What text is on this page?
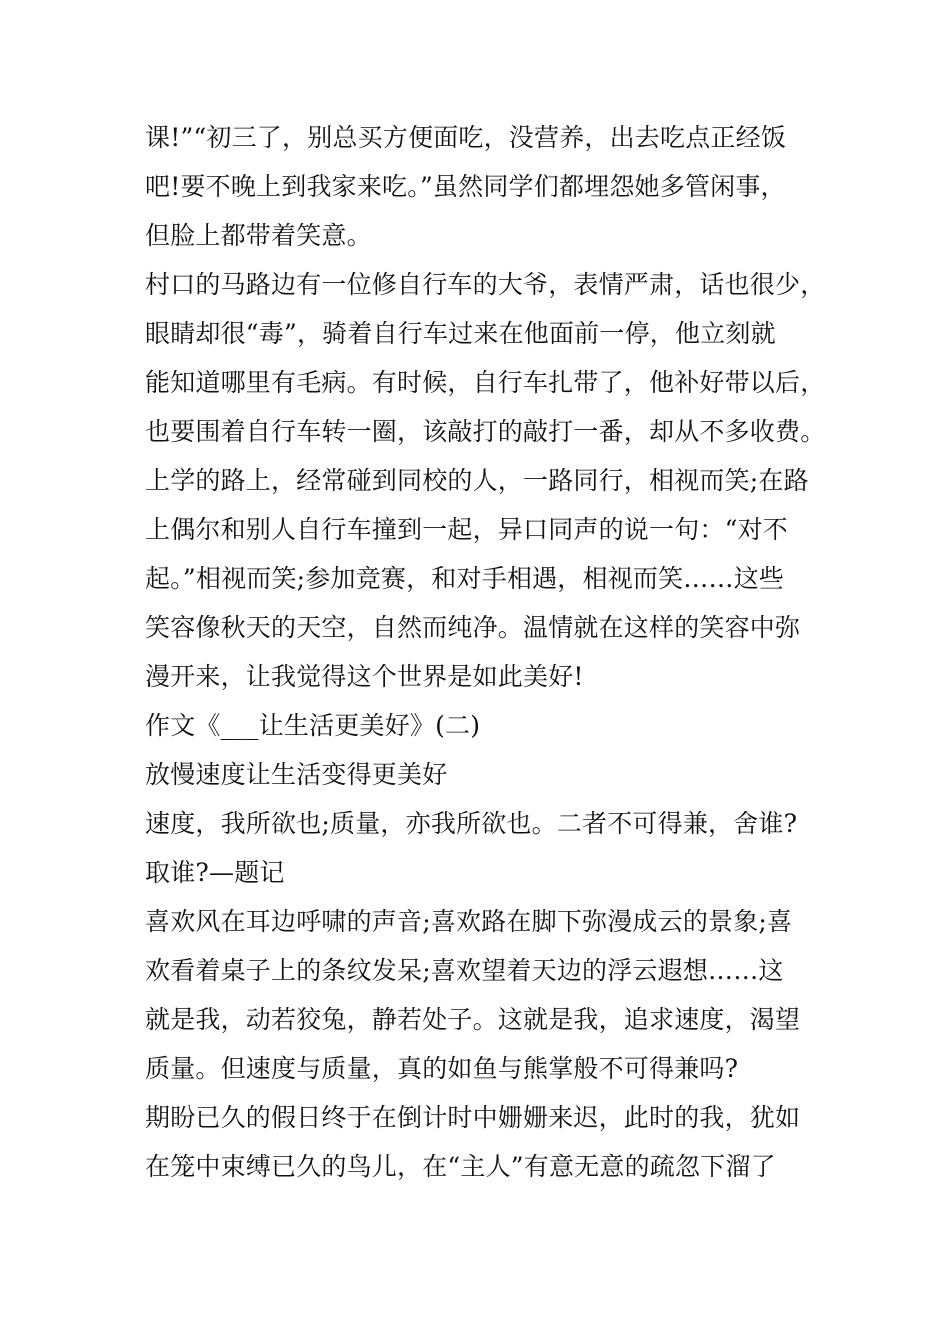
课!”“初三了，别总买方便面吃，没营养，出去吃点正经饭
吧!要不晚上到我家来吃。”虽然同学们都埋怨她多管闲事，
但脸上都带着笑意。
村口的马路边有一位修自行车的大爷，表情严肃，话也很少，
眼睛却很“毒”，骑着自行车过来在他面前一停，他立刻就
能知道哪里有毛病。有时候，自行车扎带了，他补好带以后，
也要围着自行车转一圈，该敲打的敲打一番，却从不多收费。
上学的路上，经常碰到同校的人，一路同行，相视而笑;在路
上偶尔和别人自行车撞到一起，异口同声的说一句：“对不
起。”相视而笑;参加竞赛，和对手相遇，相视而笑……这些
笑容像秋天的天空，自然而纯净。温情就在这样的笑容中弥
漫开来，让我觉得这个世界是如此美好!
作文《___让生活更美好》(二)
放慢速度让生活变得更美好
速度，我所欲也;质量，亦我所欲也。二者不可得兼，舍谁?
取谁?—题记
喜欢风在耳边呼啸的声音;喜欢路在脚下弥漫成云的景象;喜
欢看着桌子上的条纹发呆;喜欢望着天边的浮云遐想……这
就是我，动若狡兔，静若处子。这就是我，追求速度，渴望
质量。但速度与质量，真的如鱼与熊掌般不可得兼吗?
期盼已久的假日终于在倒计时中姗姗来迟，此时的我，犹如
在笼中束缚已久的鸟儿，在“主人”有意无意的疏忽下溜了
